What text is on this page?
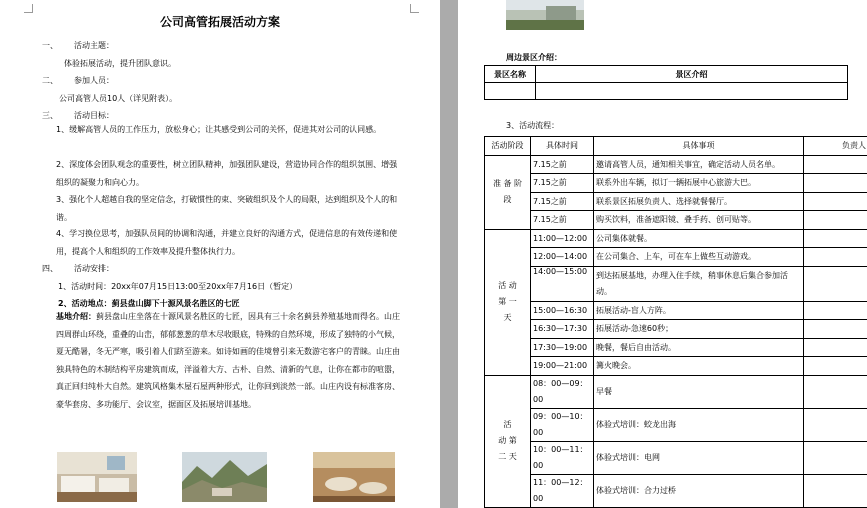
公司高管拓展活动方案
一、 活动主题：
体验拓展活动，提升团队意识。
二、 参加人员：
公司高管人员10人（详见附表）。
三、 活动目标：
1、缓解高管人员的工作压力，放松身心；让其感受到公司的关怀，促进其对公司的认同感。
2、深度体会团队观念的重要性，树立团队精神，加强团队建设，营造协同合作的组织氛围、增强组织的凝聚力和向心力。
3、强化个人超越自我的坚定信念，打破惯性的束、突破组织及个人的局限，达到组织及个人的和谐。
4、学习换位思考，加强队员间的协调和沟通，并建立良好的沟通方式，促进信息的有效传递和使用，提高个人和组织的工作效率及提升整体执行力。
四、 活动安排：
1、活动时间：20xx年07月15日13:00至20xx年7月16日（暂定）
2、活动地点：蓟县盘山脚下十源风景名胜区的七匠
基地介绍：蓟县盘山庄坐落在十源风景名胜区的七匠，因具有三十余名蓟县养殖基地而得名。山庄四周群山环绕，重叠的山峦，郁郁葱葱的草木尽收眼底，特殊的自然环境，形成了独特的小气候，夏无酷暑，冬无严寒，吸引着人们跻至游来。如诗如画的佳境曾引来无数游宅客户的青睐。山庄由独具特色的木制结构平房建筑而成，洋溢着大方、古朴、自然、清新的气息，让你在都市的喧嚣，真正回归纯朴大自然。建筑风格集木屋石屋两种形式，让你回到淡然一部。山庄内设有标准客房、豪华套房、多功能厅、会议室，据面区及拓展培训基地。
周边景区介绍：
景区名称	景区介绍

3、活动流程：
活动阶段	具体时间	具体事项	负责人
准 备 阶
段	7.15之前	邀请高管人员，通知相关事宜，确定活动人员名单。	
	7.15之前	联系外出车辆，拟订一辆拓展中心旅游大巴。	
	7.15之前	联系景区拓展负责人、选择就餐餐厅。	
	7.15之前	购买饮料，准备遮阳镜、叠手药、创可贴等。	
活 动
第 一
天	11:00—12:00	公司集体就餐。	
	12:00—14:00	在公司集合、上车，可在车上做些互动游戏。	
	14:00—15:00	到达拓展基地，办理入住手续，稍事休息后集合参加活动。	
	15:00—16:30	拓展活动-盲人方阵。	
	16:30—17:30	拓展活动-急速60秒；	
	17:30—19:00	晚餐，餐后自由活动。	
	19:00—21:00	篝火晚会。	
活
动 第
二 天	08：00—09：
00	早餐	
	09：00—10：
00	体验式培训：蛟龙出海	
	10：00—11：
00	体验式培训：电网	
	11：00—12：
00	体验式培训：合力过桥	
